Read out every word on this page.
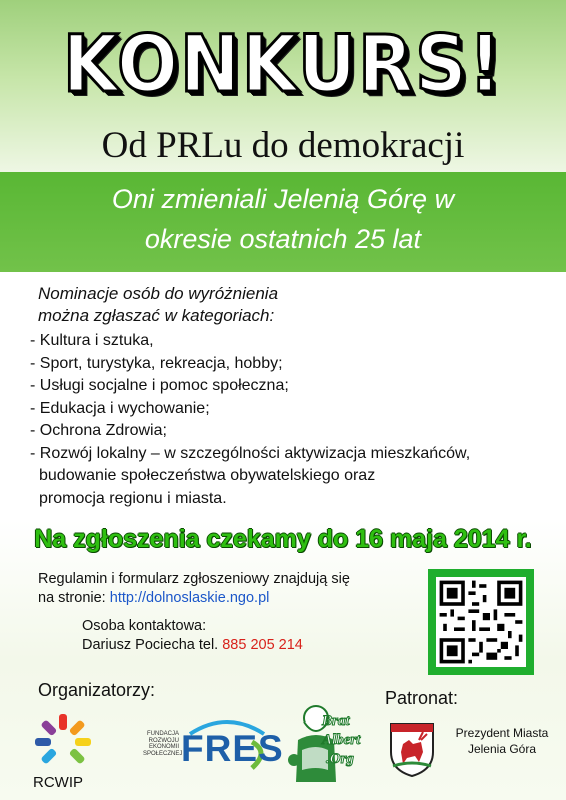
KONKURS!
Od PRLu do demokracji
Oni zmieniali Jelenią Górę w
okresie ostatnich 25 lat
Nominacje osób do wyróżnienia
można zgłaszać w kategoriach:
- Kultura i sztuka,
- Sport, turystyka, rekreacja, hobby;
- Usługi socjalne i pomoc społeczna;
- Edukacja i wychowanie;
- Ochrona Zdrowia;
- Rozwój lokalny – w szczególności aktywizacja mieszkańców,
budowanie społeczeństwa obywatelskiego oraz
promocja regionu i miasta.
Na zgłoszenia czekamy do 16 maja 2014 r.
Regulamin i formularz zgłoszeniowy znajdują się
na stronie: http://dolnoslaskie.ngo.pl
Osoba kontaktowa:
Dariusz Pociecha tel. 885 205 214
Organizatorzy:	Patronat:
RCWIP
FUNDACJA
ROZWOJU
EKONOMII
SPOŁECZNEJ
FRES
Brat
Albert
.Org
Prezydent Miasta
Jelenia Góra
